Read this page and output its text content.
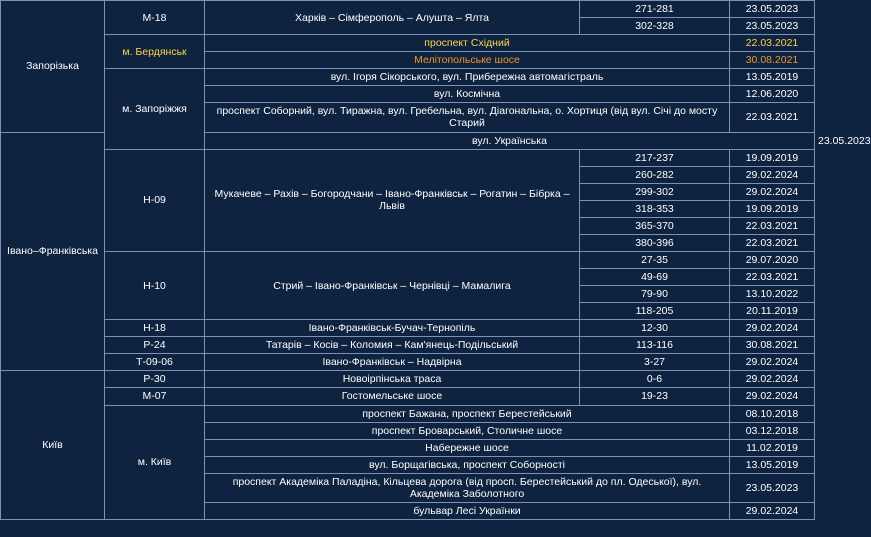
Запорізька	М-18	Харків – Сімферополь – Алушта – Ялта	271-281	23.05.2023	
			302-328	23.05.2023	
	м. Бердянськ	проспект Східний		22.03.2021	
		Мелітопольське шосе		30.08.2021	
	м. Запоріжжя	вул. Ігоря Сікорського, вул. Прибережна автомагістраль		13.05.2019	
		вул. Космічна		12.06.2020	
		проспект Соборний, вул. Тиражна, вул. Гребельна, вул. Діагональна, о. Хортиця (від вул. Січі до мосту Старий		22.03.2021	
Івано–Франківська		вул. Українська			23.05.2023
	Н-09	Мукачеве – Рахів – Богородчани – Івано-Франківськ – Рогатин – Бібрка – Львів	217-237	19.09.2019	
			260-282	29.02.2024	
			299-302	29.02.2024	
			318-353	19.09.2019	
			365-370	22.03.2021	
			380-396	22.03.2021	
	Н-10	Стрий – Івано-Франківськ – Чернівці – Мамалига	27-35	29.07.2020	
			49-69	22.03.2021	
			79-90	13.10.2022	
			118-205	20.11.2019	
	Н-18	Івано-Франківськ-Бучач-Тернопіль	12-30	29.02.2024	
	Р-24	Татарів – Косів – Коломия – Кам'янець-Подільський	113-116	30.08.2021	
	Т-09-06	Івано-Франківськ – Надвірна	3-27	29.02.2024	
Київ	Р-30	Новоірпінська траса	0-6	29.02.2024	
	М-07	Гостомельське шосе	19-23	29.02.2024	
	м. Київ	проспект Бажана, проспект Берестейський		08.10.2018	
		проспект Броварський, Столичне шосе		03.12.2018	
		Набережне шосе		11.02.2019	
		вул. Борщагівська, проспект Соборності		13.05.2019	
		проспект Академіка Паладіна, Кільцева дорога (від просп. Берестейський до пл. Одеської), вул. Академіка Заболотного		23.05.2023	
		бульвар Лесі Українки		29.02.2024	
